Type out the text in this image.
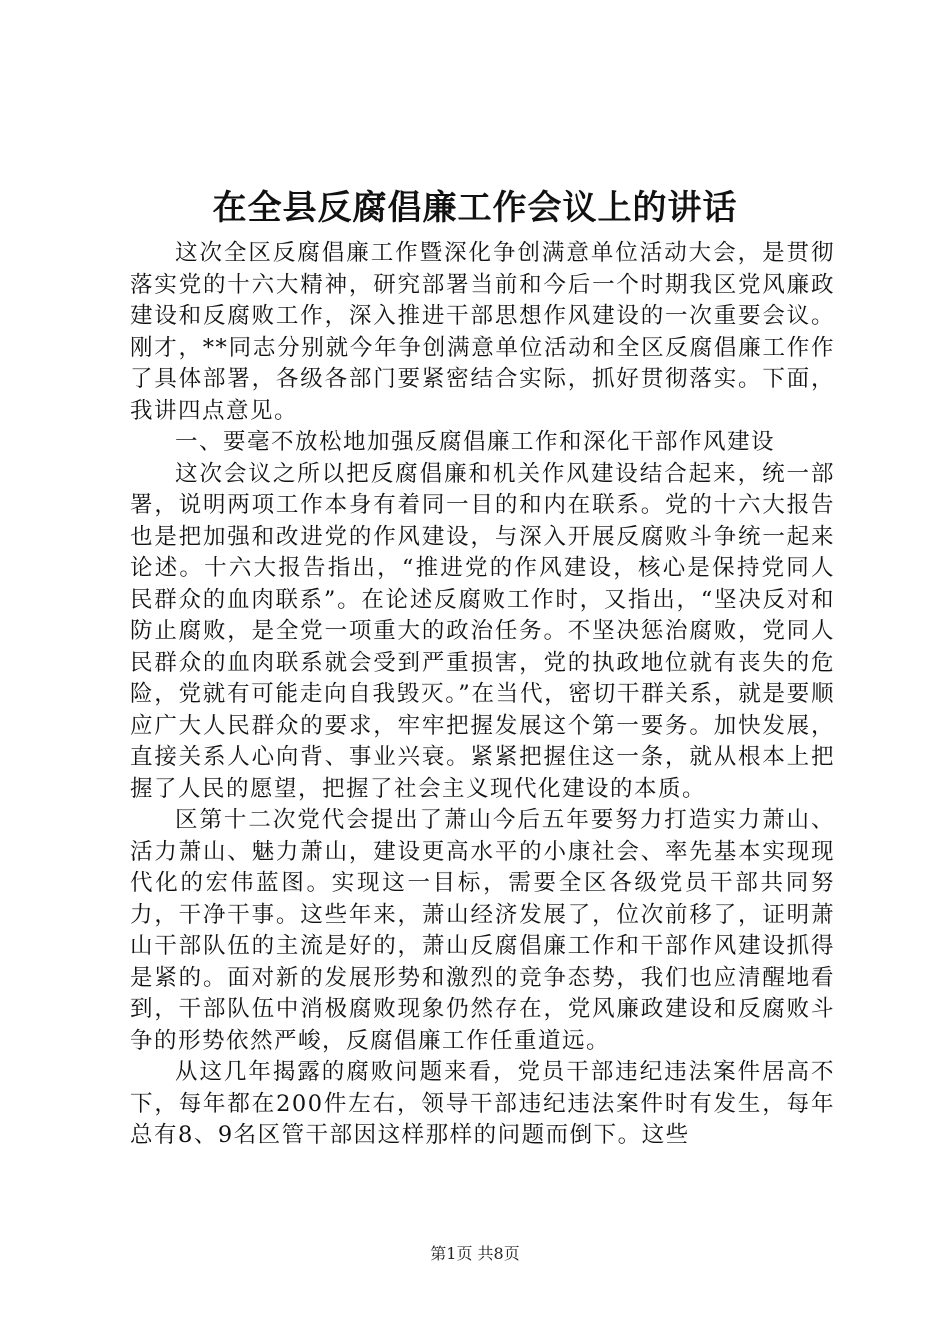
在全县反腐倡廉工作会议上的讲话

这次全区反腐倡廉工作暨深化争创满意单位活动大会，是贯彻落实党的十六大精神，研究部署当前和今后一个时期我区党风廉政建设和反腐败工作，深入推进干部思想作风建设的一次重要会议。刚才，**同志分别就今年争创满意单位活动和全区反腐倡廉工作作了具体部署，各级各部门要紧密结合实际，抓好贯彻落实。下面，我讲四点意见。

一、要毫不放松地加强反腐倡廉工作和深化干部作风建设

这次会议之所以把反腐倡廉和机关作风建设结合起来，统一部署，说明两项工作本身有着同一目的和内在联系。党的十六大报告也是把加强和改进党的作风建设，与深入开展反腐败斗争统一起来论述。十六大报告指出，“推进党的作风建设，核心是保持党同人民群众的血肉联系”。在论述反腐败工作时，又指出，“坚决反对和防止腐败，是全党一项重大的政治任务。不坚决惩治腐败，党同人民群众的血肉联系就会受到严重损害，党的执政地位就有丧失的危险，党就有可能走向自我毁灭。”在当代，密切干群关系，就是要顺应广大人民群众的要求，牢牢把握发展这个第一要务。加快发展，直接关系人心向背、事业兴衰。紧紧把握住这一条，就从根本上把握了人民的愿望，把握了社会主义现代化建设的本质。

区第十二次党代会提出了萧山今后五年要努力打造实力萧山、活力萧山、魅力萧山，建设更高水平的小康社会、率先基本实现现代化的宏伟蓝图。实现这一目标，需要全区各级党员干部共同努力，干净干事。这些年来，萧山经济发展了，位次前移了，证明萧山干部队伍的主流是好的，萧山反腐倡廉工作和干部作风建设抓得是紧的。面对新的发展形势和激烈的竞争态势，我们也应清醒地看到，干部队伍中消极腐败现象仍然存在，党风廉政建设和反腐败斗争的形势依然严峻，反腐倡廉工作任重道远。

从这几年揭露的腐败问题来看，党员干部违纪违法案件居高不下，每年都在200件左右，领导干部违纪违法案件时有发生，每年总有8、9名区管干部因这样那样的问题而倒下。这些

第1页 共8页
